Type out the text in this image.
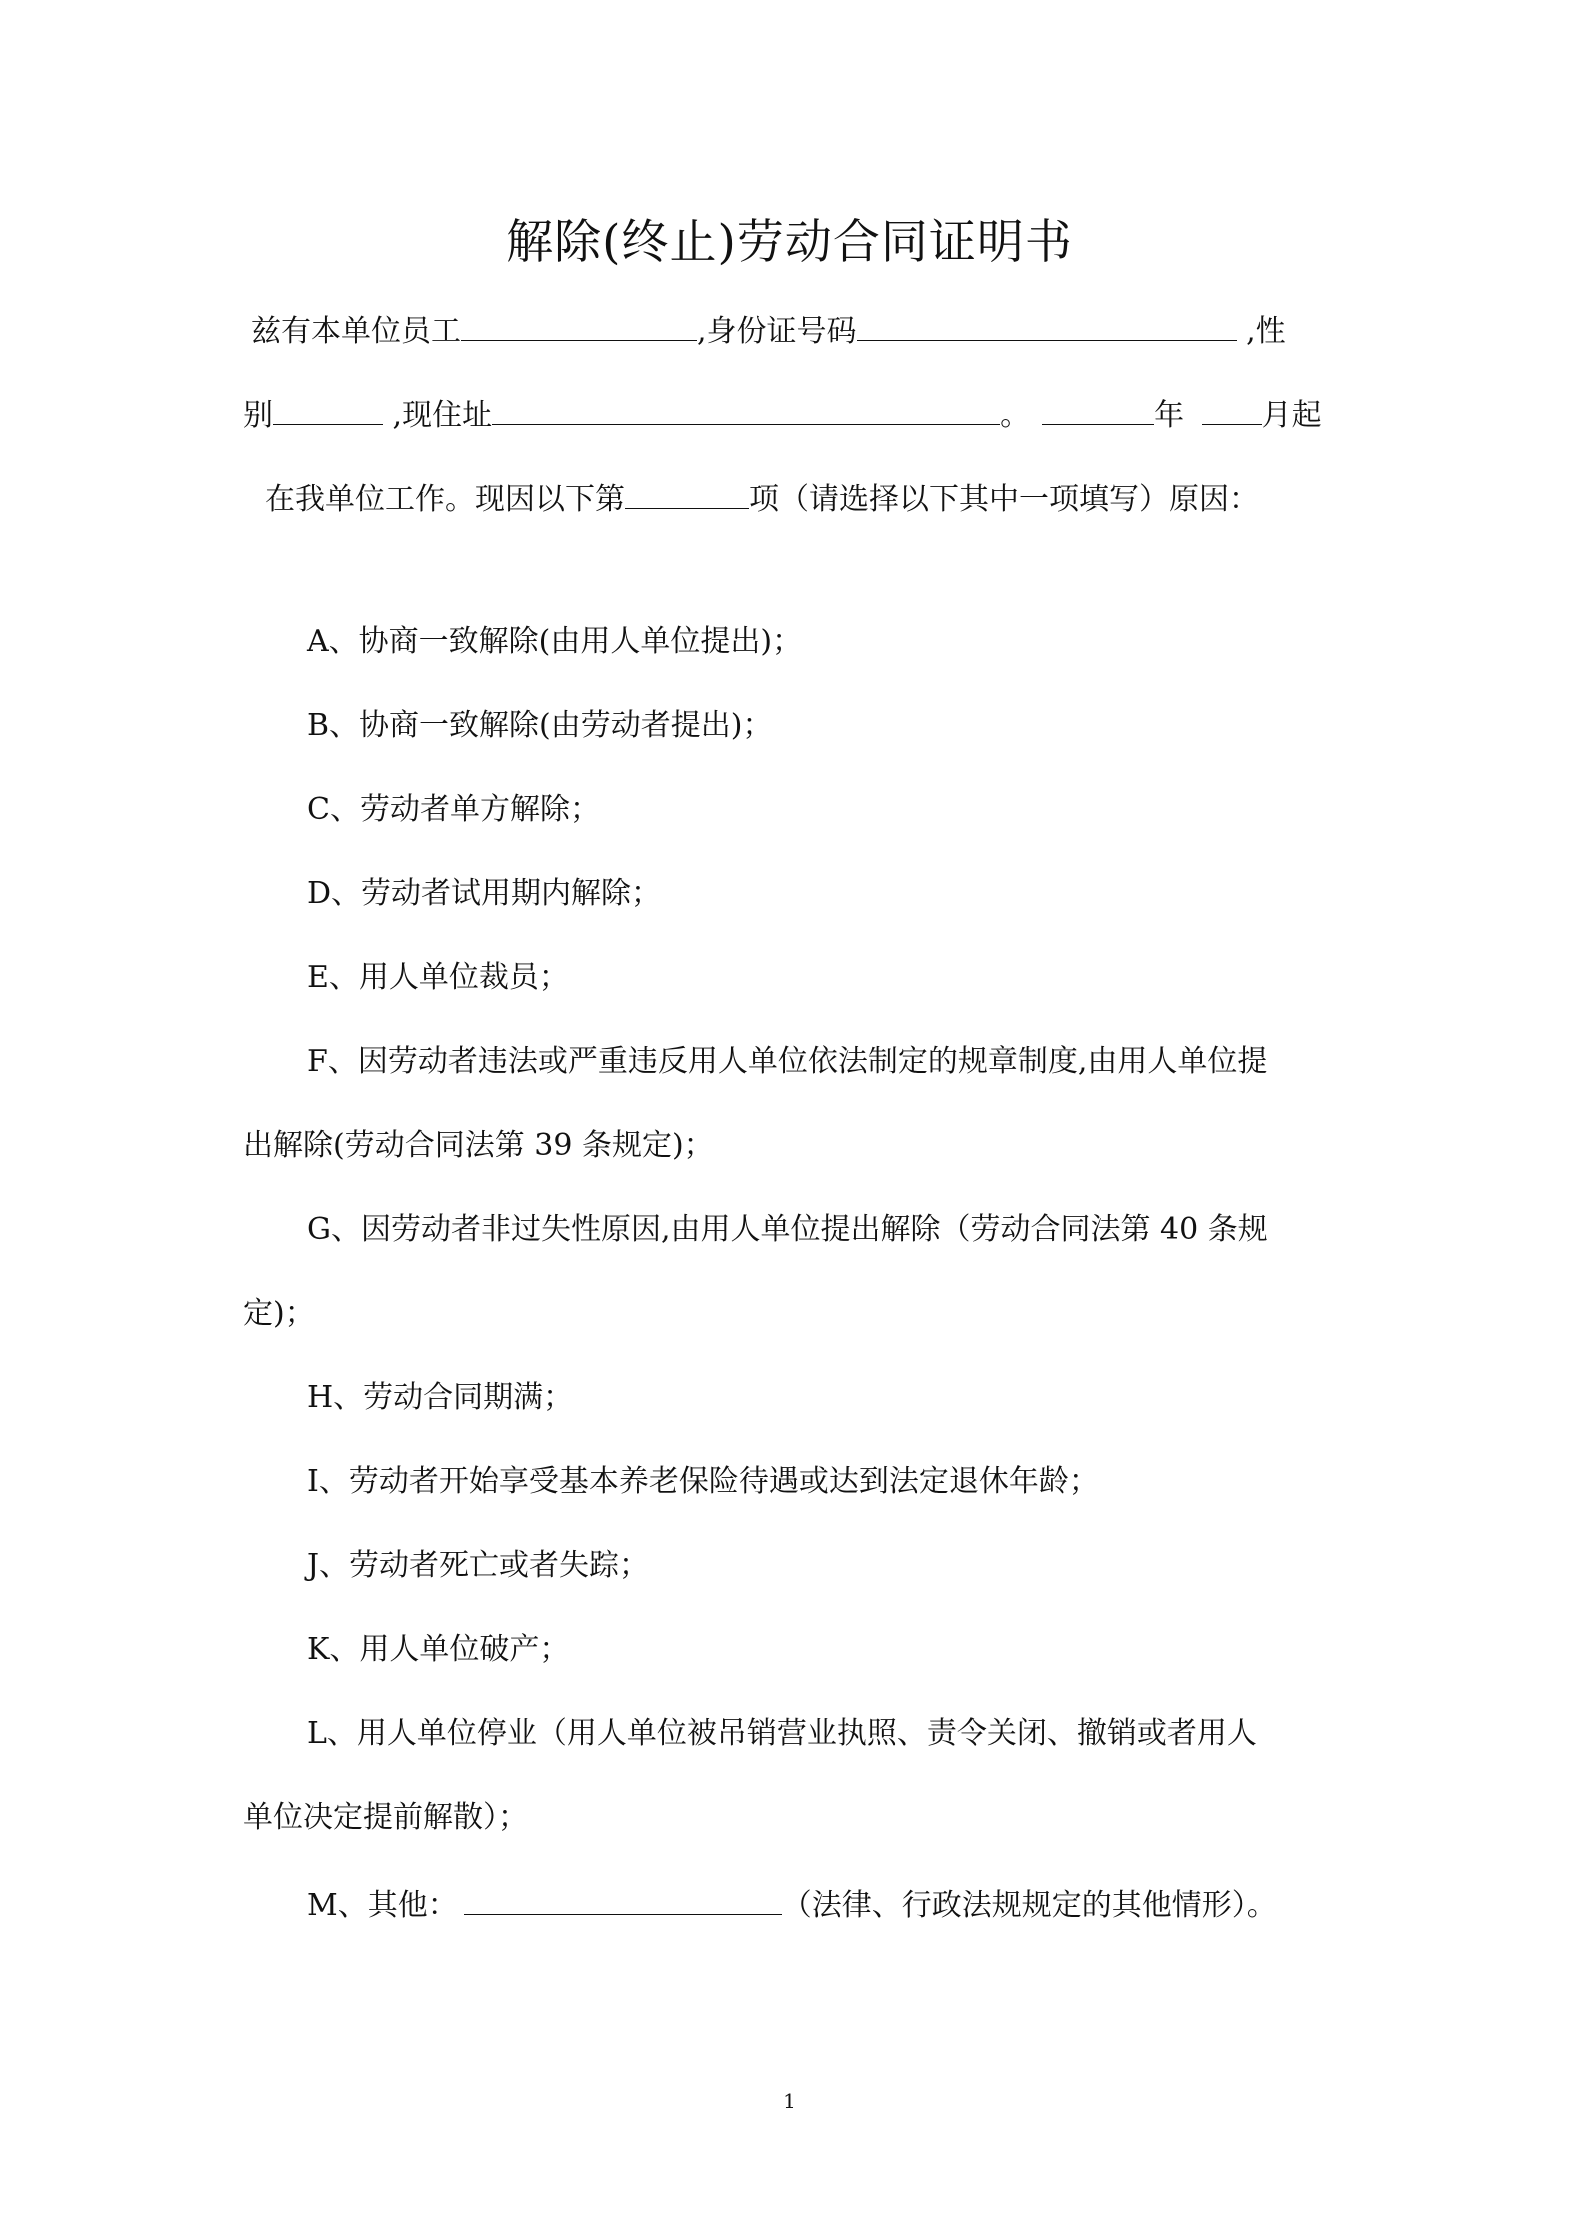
解除(终止)劳动合同证明书
兹有本单位员工	,身份证号码	,性
别	,现住址	。	年 月起
在我单位工作。现因以下第	项（请选择以下其中一项填写）原因：
A、协商一致解除(由用人单位提出)；
B、协商一致解除(由劳动者提出)；
C、劳动者单方解除；
D、劳动者试用期内解除；
E、用人单位裁员；
F、因劳动者违法或严重违反用人单位依法制定的规章制度,由用人单位提
出解除(劳动合同法第 39 条规定)；
G、因劳动者非过失性原因,由用人单位提出解除（劳动合同法第 40 条规
定)；
H、劳动合同期满；
I、劳动者开始享受基本养老保险待遇或达到法定退休年龄；
J、劳动者死亡或者失踪；
K、用人单位破产；
L、用人单位停业（用人单位被吊销营业执照、责令关闭、撤销或者用人
单位决定提前解散）；
M、其他：	（法律、行政法规规定的其他情形）。
1
